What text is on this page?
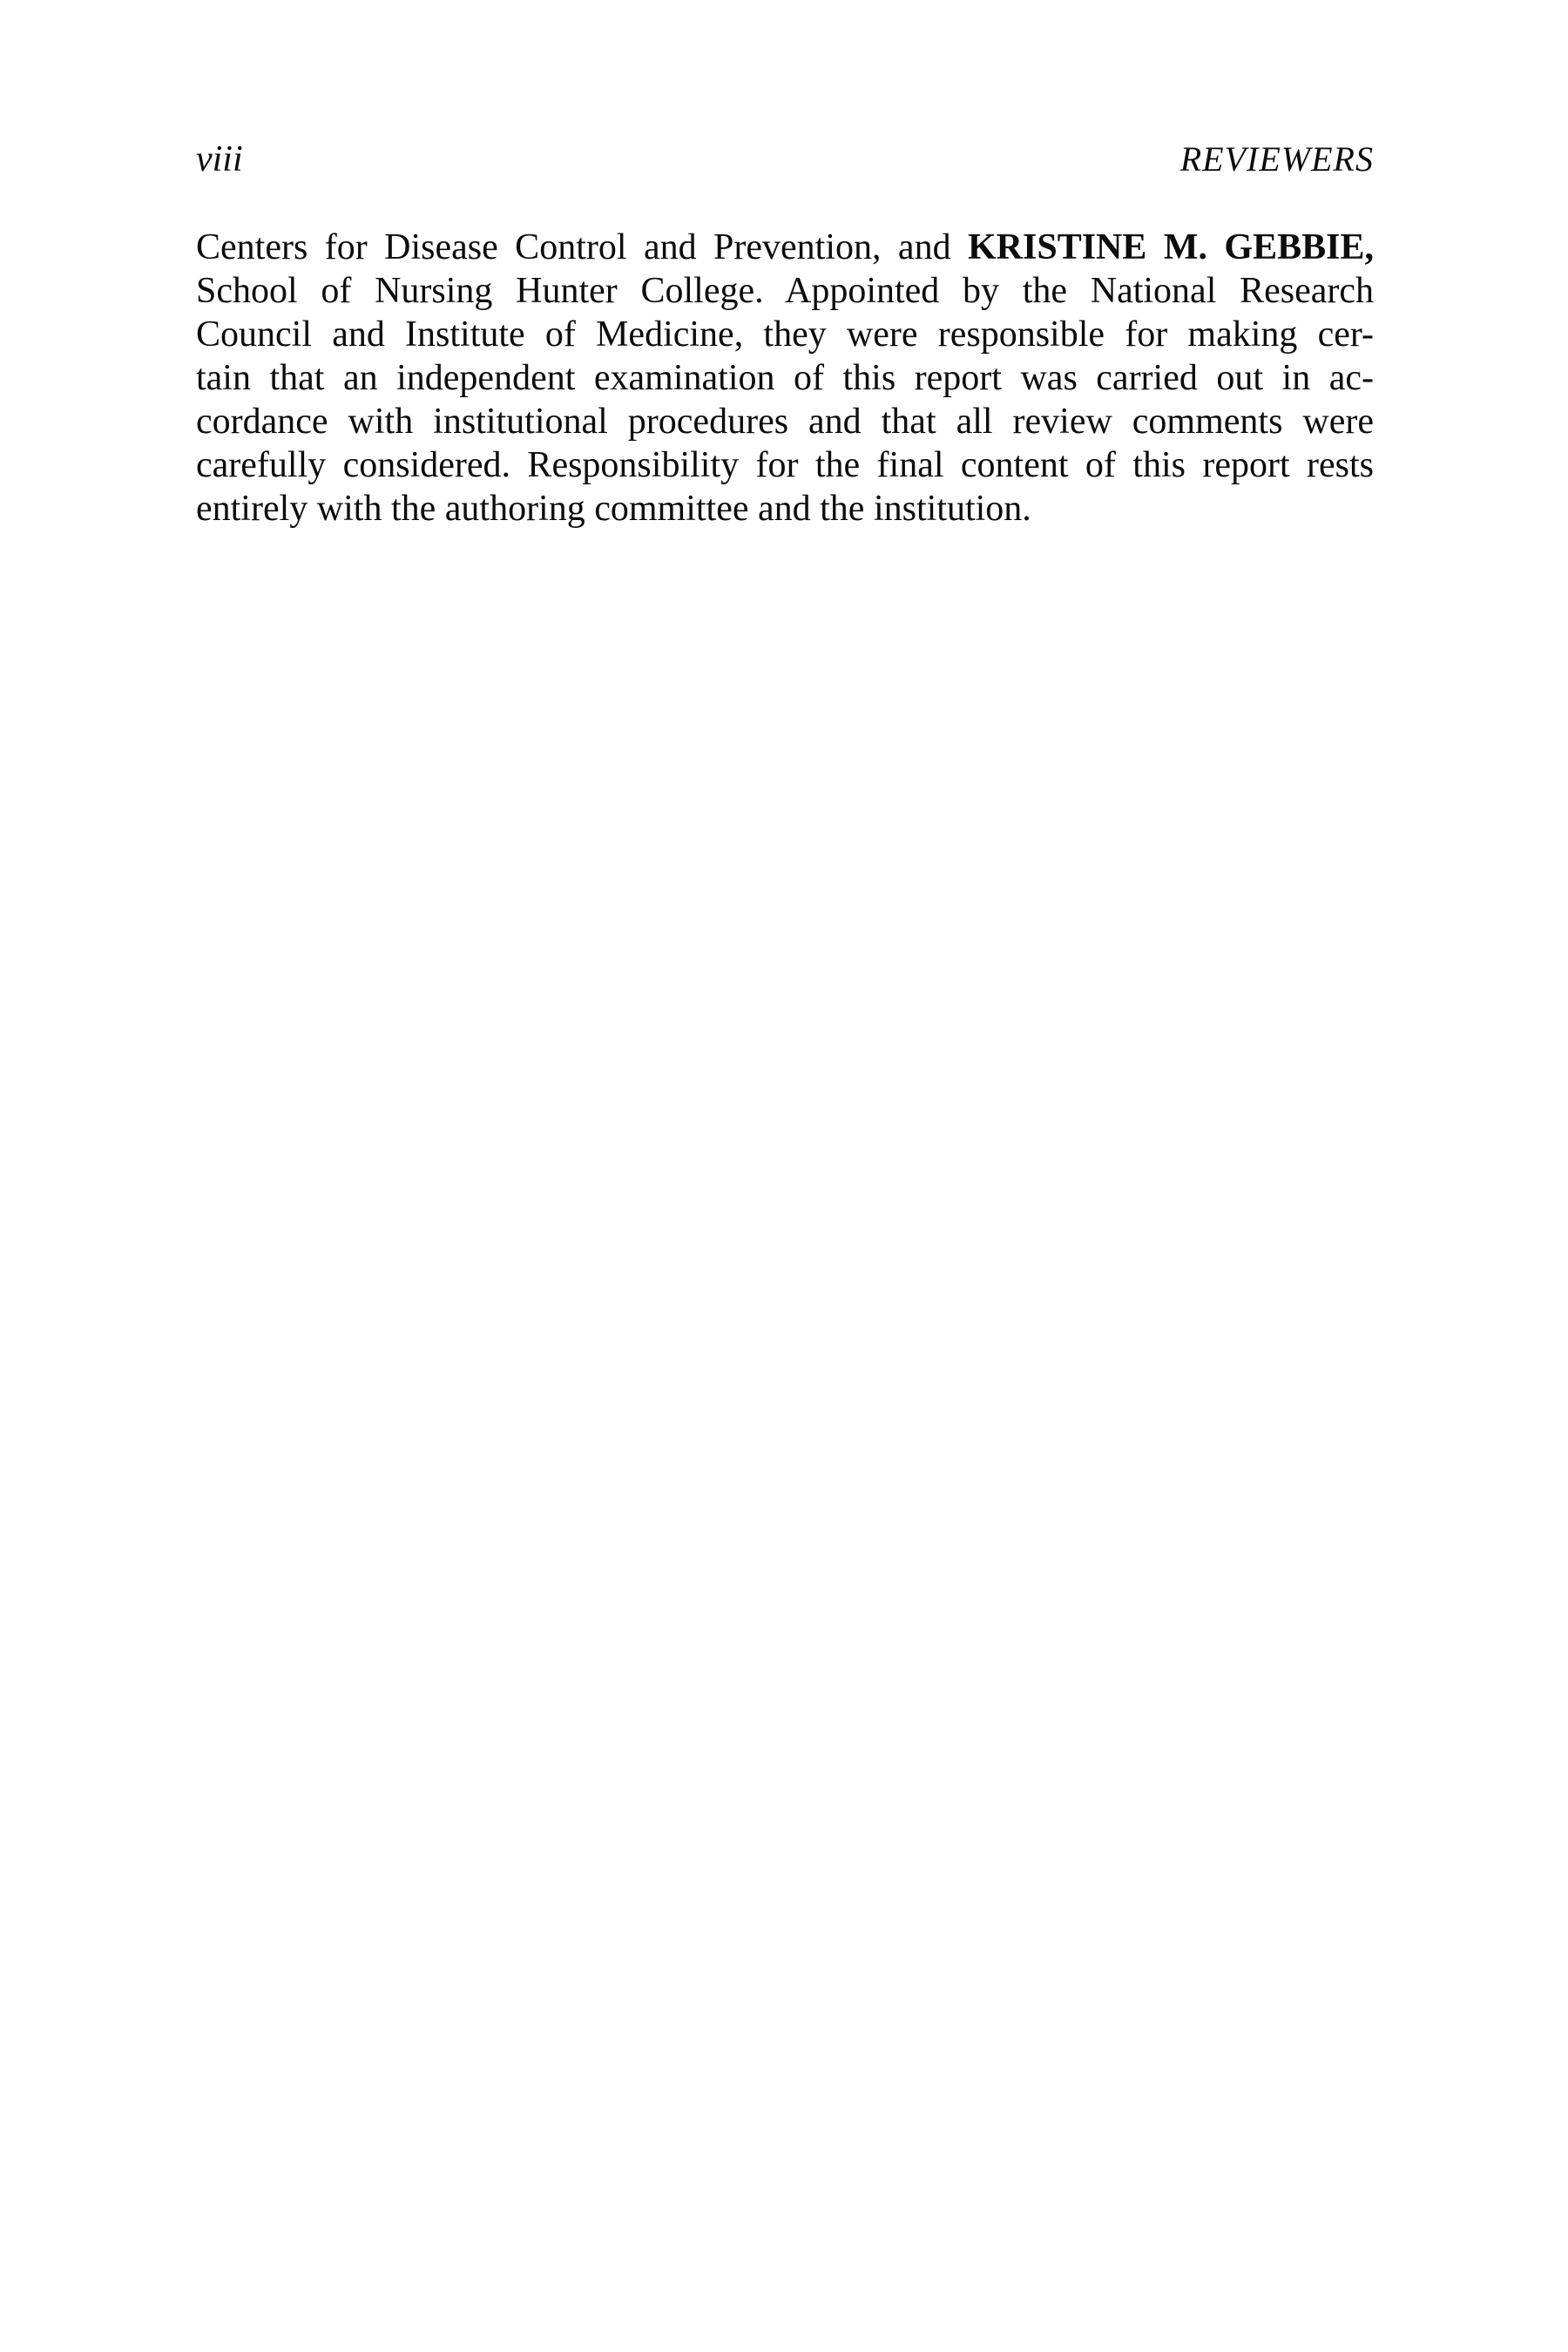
viii	REVIEWERS
Centers for Disease Control and Prevention, and KRISTINE M. GEBBIE,
School of Nursing Hunter College. Appointed by the National Research
Council and Institute of Medicine, they were responsible for making cer-
tain that an independent examination of this report was carried out in ac-
cordance with institutional procedures and that all review comments were
carefully considered. Responsibility for the final content of this report rests
entirely with the authoring committee and the institution.
